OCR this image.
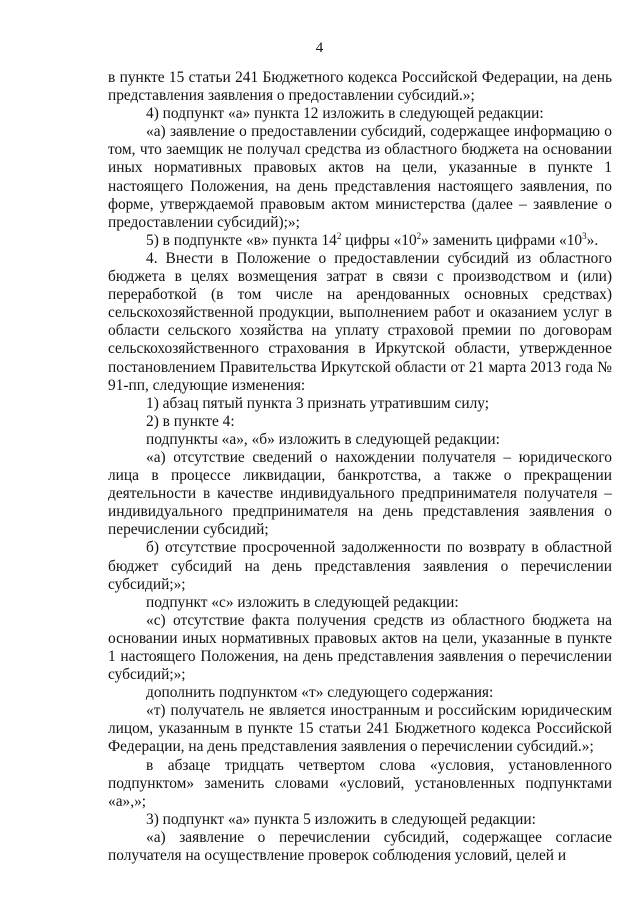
4

в пункте 15 статьи 241 Бюджетного кодекса Российской Федерации, на день представления заявления о предоставлении субсидий.»;

4) подпункт «а» пункта 12 изложить в следующей редакции:

«а) заявление о предоставлении субсидий, содержащее информацию о том, что заемщик не получал средства из областного бюджета на основании иных нормативных правовых актов на цели, указанные в пункте 1 настоящего Положения, на день представления настоящего заявления, по форме, утверждаемой правовым актом министерства (далее – заявление о предоставлении субсидий);»;

5) в подпункте «в» пункта $14^2$ цифры «$10^2$» заменить цифрами «$10^3$».

4. Внести в Положение о предоставлении субсидий из областного бюджета в целях возмещения затрат в связи с производством и (или) переработкой (в том числе на арендованных основных средствах) сельскохозяйственной продукции, выполнением работ и оказанием услуг в области сельского хозяйства на уплату страховой премии по договорам сельскохозяйственного страхования в Иркутской области, утвержденное постановлением Правительства Иркутской области от 21 марта 2013 года № 91-пп, следующие изменения:

1) абзац пятый пункта 3 признать утратившим силу;

2) в пункте 4:

подпункты «а», «б» изложить в следующей редакции:

«а) отсутствие сведений о нахождении получателя – юридического лица в процессе ликвидации, банкротства, а также о прекращении деятельности в качестве индивидуального предпринимателя получателя – индивидуального предпринимателя на день представления заявления о перечислении субсидий;

б) отсутствие просроченной задолженности по возврату в областной бюджет субсидий на день представления заявления о перечислении субсидий;»;

подпункт «с» изложить в следующей редакции:

«с) отсутствие факта получения средств из областного бюджета на основании иных нормативных правовых актов на цели, указанные в пункте 1 настоящего Положения, на день представления заявления о перечислении субсидий;»;

дополнить подпунктом «т» следующего содержания:

«т) получатель не является иностранным и российским юридическим лицом, указанным в пункте 15 статьи 241 Бюджетного кодекса Российской Федерации, на день представления заявления о перечислении субсидий.»;

в абзаце тридцать четвертом слова «условия, установленного подпунктом» заменить словами «условий, установленных подпунктами «а»,»;

3) подпункт «а» пункта 5 изложить в следующей редакции:

«а) заявление о перечислении субсидий, содержащее согласие получателя на осуществление проверок соблюдения условий, целей и
